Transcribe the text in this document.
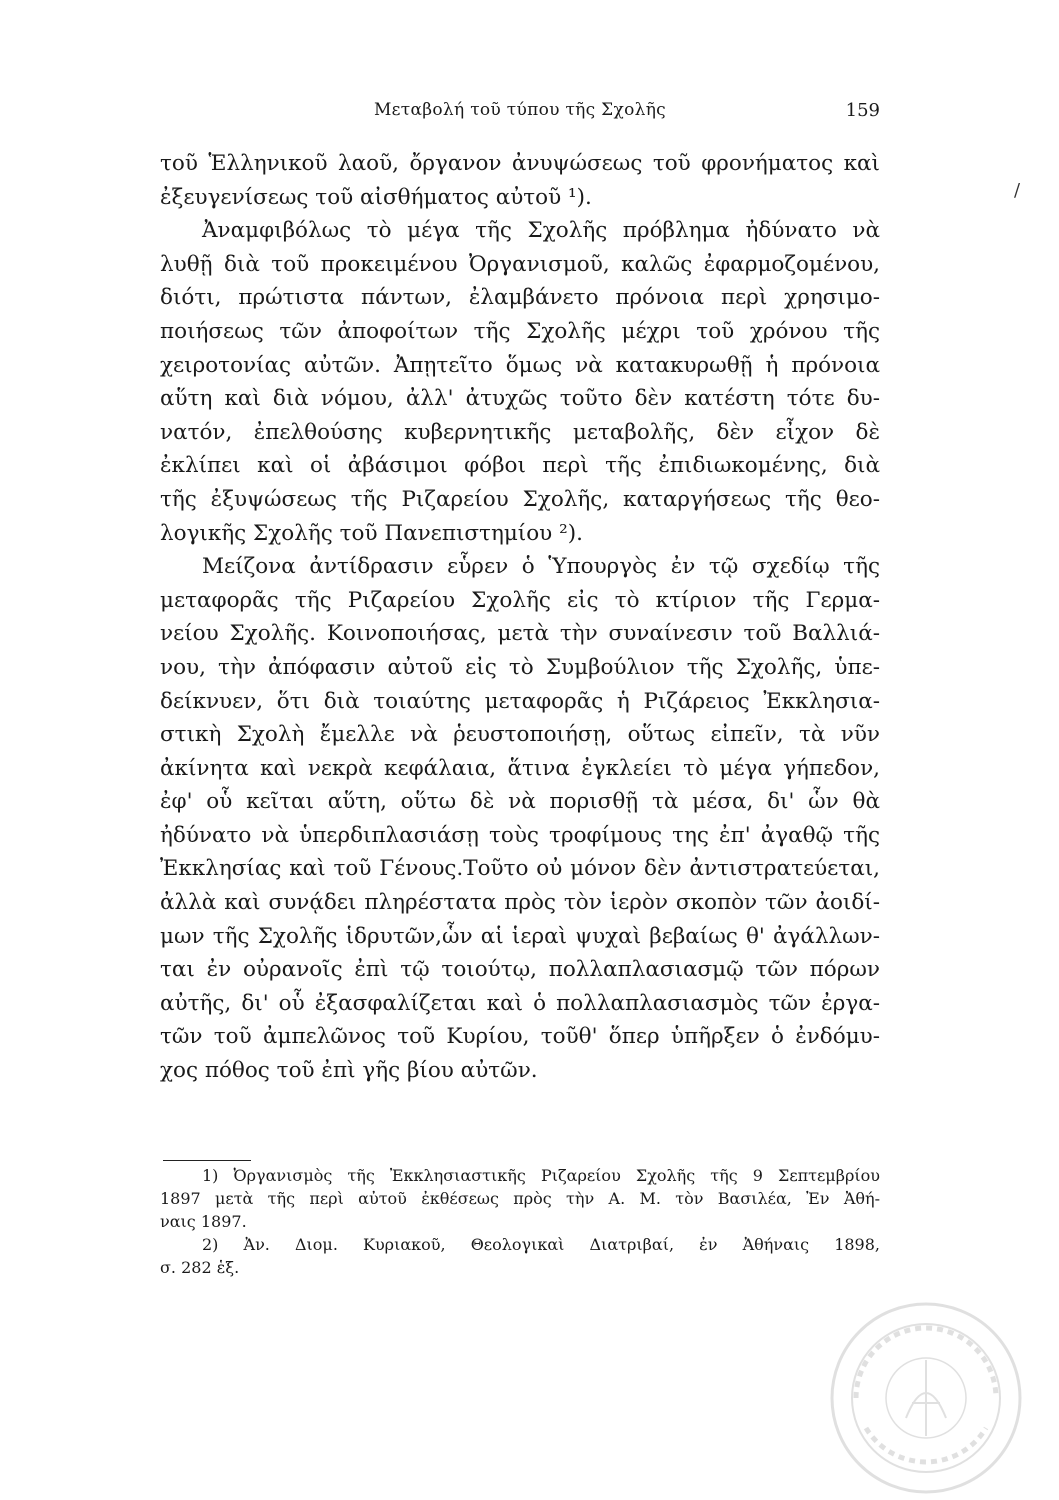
Μεταβολή τοῦ τύπου τῆς Σχολῆς	159
/
τοῦ Ἑλληνικοῦ λαοῦ, ὄργανον ἀνυψώσεως τοῦ φρονήματος καὶ
ἐξευγενίσεως τοῦ αἰσθήματος αὐτοῦ ¹).
Ἀναμφιβόλως τὸ μέγα τῆς Σχολῆς πρόβλημα ἠδύνατο νὰ
λυθῇ διὰ τοῦ προκειμένου Ὀργανισμοῦ, καλῶς ἐφαρμοζομένου,
διότι, πρώτιστα πάντων, ἐλαμβάνετο πρόνοια περὶ χρησιμο-
ποιήσεως τῶν ἀποφοίτων τῆς Σχολῆς μέχρι τοῦ χρόνου τῆς
χειροτονίας αὐτῶν. Ἀπῃτεῖτο ὅμως νὰ κατακυρωθῇ ἡ πρόνοια
αὕτη καὶ διὰ νόμου, ἀλλ' ἀτυχῶς τοῦτο δὲν κατέστη τότε δυ-
νατόν, ἐπελθούσης κυβερνητικῆς μεταβολῆς, δὲν εἶχον δὲ
ἐκλίπει καὶ οἱ ἀβάσιμοι φόβοι περὶ τῆς ἐπιδιωκομένης, διὰ
τῆς ἐξυψώσεως τῆς Ριζαρείου Σχολῆς, καταργήσεως τῆς θεο-
λογικῆς Σχολῆς τοῦ Πανεπιστημίου ²).
Μείζονα ἀντίδρασιν εὗρεν ὁ Ὑπουργὸς ἐν τῷ σχεδίῳ τῆς
μεταφορᾶς τῆς Ριζαρείου Σχολῆς εἰς τὸ κτίριον τῆς Γερμα-
νείου Σχολῆς. Κοινοποιήσας, μετὰ τὴν συναίνεσιν τοῦ Βαλλιά-
νου, τὴν ἀπόφασιν αὐτοῦ εἰς τὸ Συμβούλιον τῆς Σχολῆς, ὑπε-
δείκνυεν, ὅτι διὰ τοιαύτης μεταφορᾶς ἡ Ριζάρειος Ἐκκλησια-
στικὴ Σχολὴ ἔμελλε νὰ ῥευστοποιήσῃ, οὕτως εἰπεῖν, τὰ νῦν
ἀκίνητα καὶ νεκρὰ κεφάλαια, ἅτινα ἐγκλείει τὸ μέγα γήπεδον,
ἐφ' οὗ κεῖται αὕτη, οὕτω δὲ νὰ πορισθῇ τὰ μέσα, δι' ὧν θὰ
ἠδύνατο νὰ ὑπερδιπλασιάσῃ τοὺς τροφίμους της ἐπ' ἀγαθῷ τῆς
Ἐκκλησίας καὶ τοῦ Γένους.Τοῦτο οὐ μόνον δὲν ἀντιστρατεύεται,
ἀλλὰ καὶ συνᾴδει πληρέστατα πρὸς τὸν ἱερὸν σκοπὸν τῶν ἀοιδί-
μων τῆς Σχολῆς ἱδρυτῶν,ὧν αἱ ἱεραὶ ψυχαὶ βεβαίως θ' ἀγάλλων-
ται ἐν οὐρανοῖς ἐπὶ τῷ τοιούτῳ, πολλαπλασιασμῷ τῶν πόρων
αὐτῆς, δι' οὗ ἐξασφαλίζεται καὶ ὁ πολλαπλασιασμὸς τῶν ἐργα-
τῶν τοῦ ἀμπελῶνος τοῦ Κυρίου, τοῦθ' ὅπερ ὑπῆρξεν ὁ ἐνδόμυ-
χος πόθος τοῦ ἐπὶ γῆς βίου αὐτῶν.
1) Ὀργανισμὸς τῆς Ἐκκλησιαστικῆς Ριζαρείου Σχολῆς τῆς 9 Σεπτεμβρίου
1897 μετὰ τῆς περὶ αὐτοῦ ἐκθέσεως πρὸς τὴν Α. Μ. τὸν Βασιλέα, Ἐν Ἀθή-
ναις 1897.
2) Ἀν. Διομ. Κυριακοῦ, Θεολογικαὶ Διατριβαί, ἐν Ἀθήναις 1898,
σ. 282 ἑξ.
